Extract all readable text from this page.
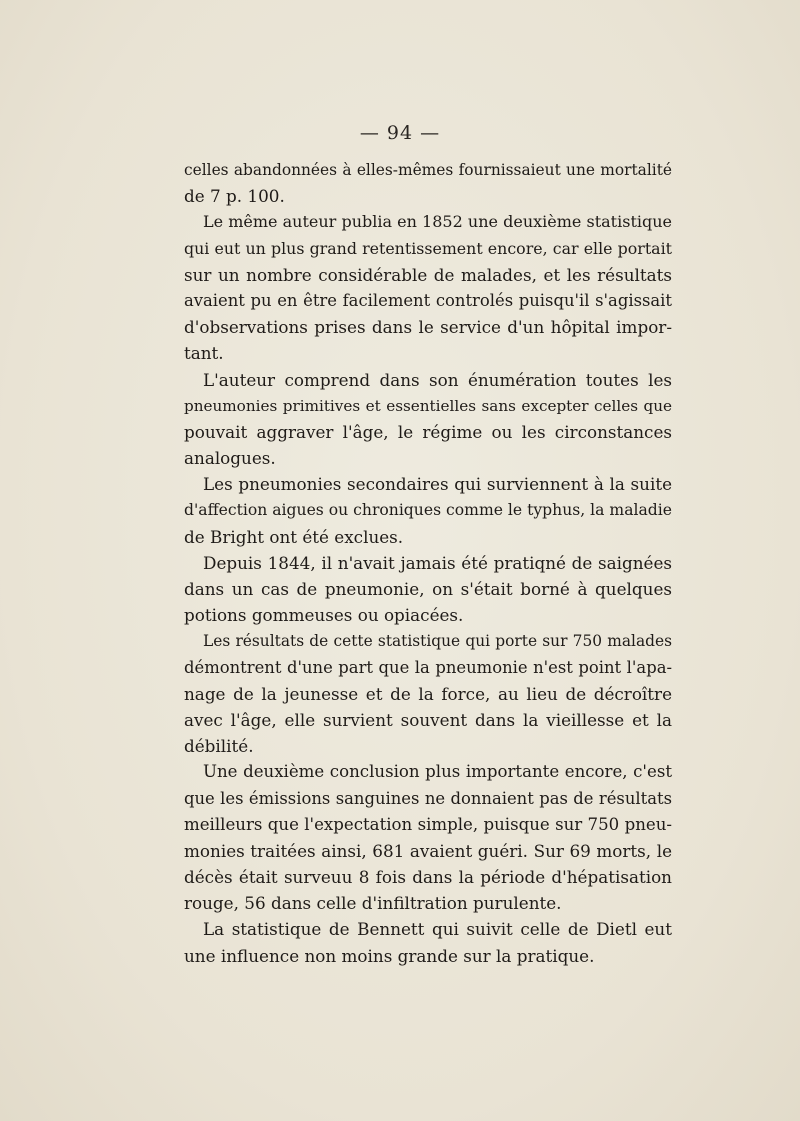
— 94 —
celles abandonnées à elles-mêmes fournissaieut une mortalité
de 7 p. 100.
Le même auteur publia en 1852 une deuxième statistique
qui eut un plus grand retentissement encore, car elle portait
sur un nombre considérable de malades, et les résultats
avaient pu en être facilement controlés puisqu'il s'agissait
d'observations prises dans le service d'un hôpital impor-
tant.
L'auteur comprend dans son énumération toutes les
pneumonies primitives et essentielles sans excepter celles que
pouvait aggraver l'âge, le régime ou les circonstances
analogues.
Les pneumonies secondaires qui surviennent à la suite
d'affection aigues ou chroniques comme le typhus, la maladie
de Bright ont été exclues.
Depuis 1844, il n'avait jamais été pratiqné de saignées
dans un cas de pneumonie, on s'était borné à quelques
potions gommeuses ou opiacées.
Les résultats de cette statistique qui porte sur 750 malades
démontrent d'une part que la pneumonie n'est point l'apa-
nage de la jeunesse et de la force, au lieu de décroître
avec l'âge, elle survient souvent dans la vieillesse et la
débilité.
Une deuxième conclusion plus importante encore, c'est
que les émissions sanguines ne donnaient pas de résultats
meilleurs que l'expectation simple, puisque sur 750 pneu-
monies traitées ainsi, 681 avaient guéri. Sur 69 morts, le
décès était surveuu 8 fois dans la période d'hépatisation
rouge, 56 dans celle d'infiltration purulente.
La statistique de Bennett qui suivit celle de Dietl eut
une influence non moins grande sur la pratique.
